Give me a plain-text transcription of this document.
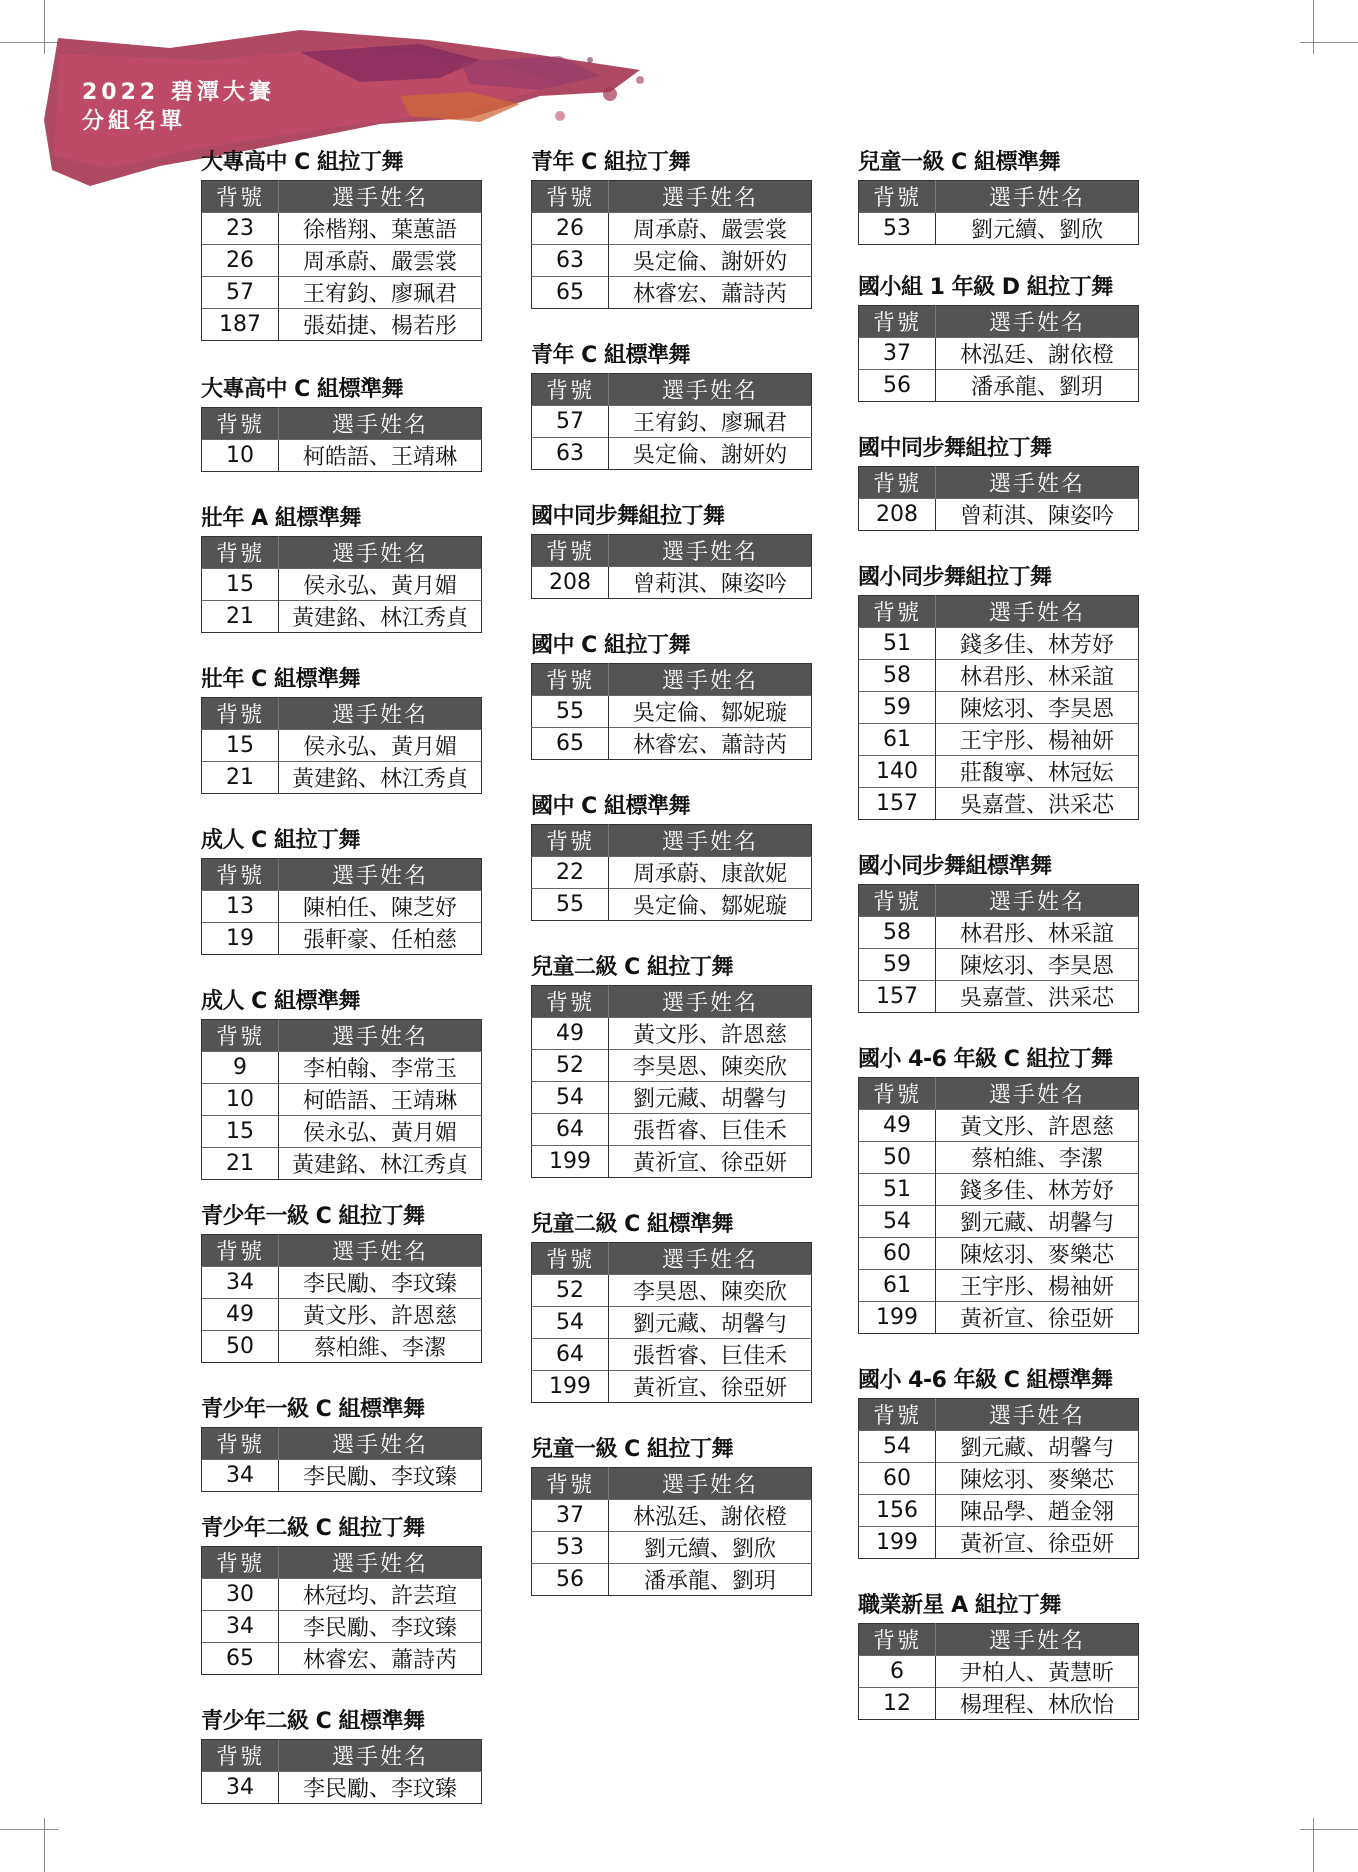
2022 碧潭大賽
分組名單
大專高中 C 組拉丁舞
背號	選手姓名
23	徐楷翔、葉蕙語
26	周承蔚、嚴雲裳
57	王宥鈞、廖珮君
187	張茹捷、楊若彤
大專高中 C 組標準舞
背號	選手姓名
10	柯皓語、王靖琳
壯年 A 組標準舞
背號	選手姓名
15	侯永弘、黃月媚
21	黃建銘、林江秀貞
壯年 C 組標準舞
背號	選手姓名
15	侯永弘、黃月媚
21	黃建銘、林江秀貞
成人 C 組拉丁舞
背號	選手姓名
13	陳柏任、陳芝妤
19	張軒豪、任柏慈
成人 C 組標準舞
背號	選手姓名
9	李柏翰、李常玉
10	柯皓語、王靖琳
15	侯永弘、黃月媚
21	黃建銘、林江秀貞
青少年一級 C 組拉丁舞
背號	選手姓名
34	李民勵、李玟臻
49	黃文彤、許恩慈
50	蔡柏維、李潔
青少年一級 C 組標準舞
背號	選手姓名
34	李民勵、李玟臻
青少年二級 C 組拉丁舞
背號	選手姓名
30	林冠均、許芸瑄
34	李民勵、李玟臻
65	林睿宏、蕭詩芮
青少年二級 C 組標準舞
背號	選手姓名
34	李民勵、李玟臻
青年 C 組拉丁舞
背號	選手姓名
26	周承蔚、嚴雲裳
63	吳定倫、謝妍妁
65	林睿宏、蕭詩芮
青年 C 組標準舞
背號	選手姓名
57	王宥鈞、廖珮君
63	吳定倫、謝妍妁
國中同步舞組拉丁舞
背號	選手姓名
208	曾莉淇、陳姿吟
國中 C 組拉丁舞
背號	選手姓名
55	吳定倫、鄒妮璇
65	林睿宏、蕭詩芮
國中 C 組標準舞
背號	選手姓名
22	周承蔚、康歆妮
55	吳定倫、鄒妮璇
兒童二級 C 組拉丁舞
背號	選手姓名
49	黃文彤、許恩慈
52	李昊恩、陳奕欣
54	劉元藏、胡馨勻
64	張哲睿、巨佳禾
199	黃祈宣、徐亞妍
兒童二級 C 組標準舞
背號	選手姓名
52	李昊恩、陳奕欣
54	劉元藏、胡馨勻
64	張哲睿、巨佳禾
199	黃祈宣、徐亞妍
兒童一級 C 組拉丁舞
背號	選手姓名
37	林泓廷、謝依橙
53	劉元續、劉欣
56	潘承龍、劉玥
兒童一級 C 組標準舞
背號	選手姓名
53	劉元續、劉欣
國小組 1 年級 D 組拉丁舞
背號	選手姓名
37	林泓廷、謝依橙
56	潘承龍、劉玥
國中同步舞組拉丁舞
背號	選手姓名
208	曾莉淇、陳姿吟
國小同步舞組拉丁舞
背號	選手姓名
51	錢多佳、林芳妤
58	林君彤、林采誼
59	陳炫羽、李昊恩
61	王宇彤、楊袖妍
140	莊馥寧、林冠妘
157	吳嘉萱、洪采芯
國小同步舞組標準舞
背號	選手姓名
58	林君彤、林采誼
59	陳炫羽、李昊恩
157	吳嘉萱、洪采芯
國小 4-6 年級 C 組拉丁舞
背號	選手姓名
49	黃文彤、許恩慈
50	蔡柏維、李潔
51	錢多佳、林芳妤
54	劉元藏、胡馨勻
60	陳炫羽、麥樂芯
61	王宇彤、楊袖妍
199	黃祈宣、徐亞妍
國小 4-6 年級 C 組標準舞
背號	選手姓名
54	劉元藏、胡馨勻
60	陳炫羽、麥樂芯
156	陳品學、趙金翎
199	黃祈宣、徐亞妍
職業新星 A 組拉丁舞
背號	選手姓名
6	尹柏人、黃慧昕
12	楊理程、林欣怡
